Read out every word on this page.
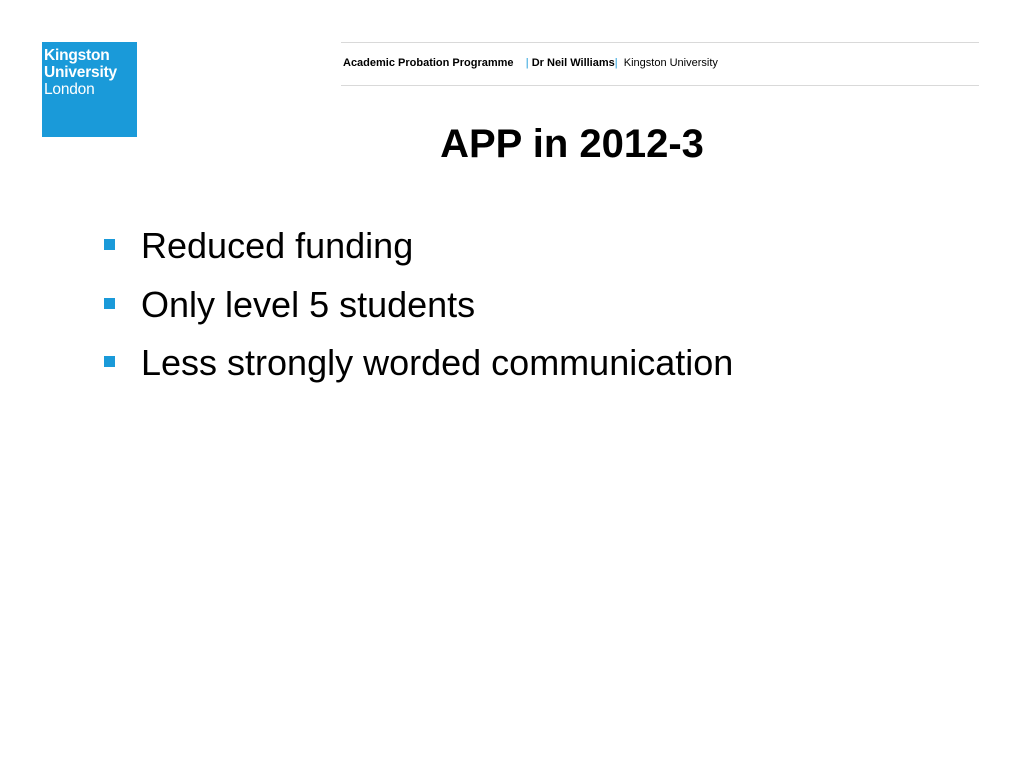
Kingston
University
London
Academic Probation Programme | Dr Neil Williams| Kingston University
APP in 2012-3
Reduced funding
Only level 5 students
Less strongly worded communication
